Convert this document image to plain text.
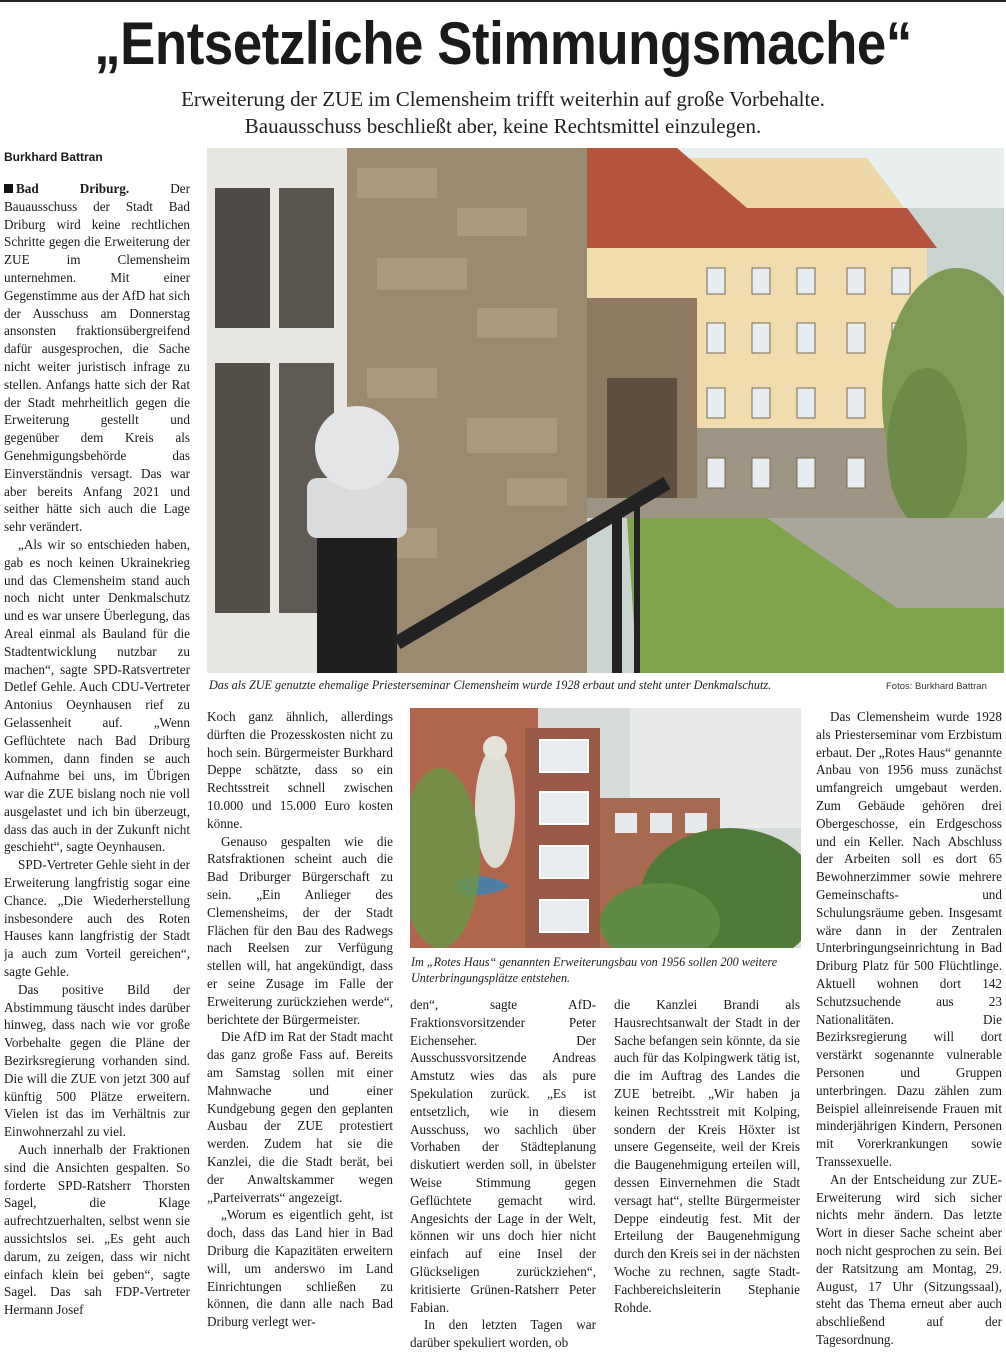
„Entsetzliche Stimmungsmache“
Erweiterung der ZUE im Clemensheim trifft weiterhin auf große Vorbehalte.
Bauausschuss beschließt aber, keine Rechtsmittel einzulegen.
Burkhard Battran

Bad Driburg.	Der Bauausschuss der Stadt Bad Driburg wird keine rechtlichen Schritte gegen die Erweiterung der ZUE im Clemensheim unternehmen. Mit einer Gegenstimme aus der AfD hat sich der Ausschuss am Donnerstag ansonsten fraktionsübergreifend dafür ausgesprochen, die Sache nicht weiter juristisch infrage zu stellen. Anfangs hatte sich der Rat der Stadt mehrheitlich gegen die Erweiterung gestellt und gegenüber dem Kreis als Genehmigungsbehörde das Einverständnis versagt. Das war aber bereits Anfang 2021 und seither hätte sich auch die Lage sehr verändert.

„Als wir so entschieden haben, gab es noch keinen Ukrainekrieg und das Clemensheim stand auch noch nicht unter Denkmalschutz und es war unsere Überlegung, das Areal einmal als Bauland für die Stadtentwicklung nutzbar zu machen“, sagte SPD-Ratsvertreter Detlef Gehle. Auch CDU-Vertreter Antonius Oeynhausen rief zu Gelassenheit auf. „Wenn Geflüchtete nach Bad Driburg kommen, dann finden se auch Aufnahme bei uns, im Übrigen war die ZUE bislang noch nie voll ausgelastet und ich bin überzeugt, dass das auch in der Zukunft nicht geschieht“, sagte Oeynhausen.

SPD-Vertreter Gehle sieht in der Erweiterung langfristig sogar eine Chance. „Die Wiederherstellung insbesondere auch des Roten Hauses kann langfristig der Stadt ja auch zum Vorteil gereichen“, sagte Gehle.

Das positive Bild der Abstimmung täuscht indes darüber hinweg, dass nach wie vor große Vorbehalte gegen die Pläne der Bezirksregierung vorhanden sind. Die will die ZUE von jetzt 300 auf künftig 500 Plätze erweitern. Vielen ist das im Verhältnis zur Einwohnerzahl zu viel.

Auch innerhalb der Fraktionen sind die Ansichten gespalten. So forderte SPD-Ratsherr Thorsten Sagel, die Klage aufrechtzuerhalten, selbst wenn sie aussichtslos sei. „Es geht auch darum, zu zeigen, dass wir nicht einfach klein bei geben“, sagte Sagel. Das sah FDP-Vertreter Hermann Josef

Das als ZUE genutzte ehemalige Priesterseminar Clemensheim wurde 1928 erbaut und steht unter Denkmalschutz.	Fotos: Burkhard Battran

Koch ganz ähnlich, allerdings dürften die Prozesskosten nicht zu hoch sein. Bürgermeister Burkhard Deppe schätzte, dass so ein Rechtsstreit schnell zwischen 10.000 und 15.000 Euro kosten könne.

Genauso gespalten wie die Ratsfraktionen scheint auch die Bad Driburger Bürgerschaft zu sein. „Ein Anlieger des Clemensheims, der der Stadt Flächen für den Bau des Radwegs nach Reelsen zur Verfügung stellen will, hat angekündigt, dass er seine Zusage im Falle der Erweiterung zurückziehen werde“, berichtete der Bürgermeister.

Die AfD im Rat der Stadt macht das ganz große Fass auf. Bereits am Samstag sollen mit einer Mahnwache und einer Kundgebung gegen den geplanten Ausbau der ZUE protestiert werden. Zudem hat sie die Kanzlei, die die Stadt berät, bei der Anwaltskammer wegen „Parteiverrats“ angezeigt.

„Worum es eigentlich geht, ist doch, dass das Land hier in Bad Driburg die Kapazitäten erweitern will, um anderswo im Land Einrichtungen schließen zu können, die dann alle nach Bad Driburg verlegt wer-

Im „Rotes Haus“ genannten Erweiterungsbau von 1956 sollen 200 weitere Unterbringungsplätze entstehen.

den“, sagte AfD-Fraktionsvorsitzender Peter Eichenseher. Der Ausschussvorsitzende Andreas Amstutz wies das als pure Spekulation zurück. „Es ist entsetzlich, wie in diesem Ausschuss, wo sachlich über Vorhaben der Städteplanung diskutiert werden soll, in übelster Weise Stimmung gegen Geflüchtete gemacht wird. Angesichts der Lage in der Welt, können wir uns doch hier nicht einfach auf eine Insel der Glückseligen zurückziehen“, kritisierte Grünen-Ratsherr Peter Fabian.

In den letzten Tagen war darüber spekuliert worden, ob

die Kanzlei Brandi als Hausrechtsanwalt der Stadt in der Sache befangen sein könnte, da sie auch für das Kolpingwerk tätig ist, die im Auftrag des Landes die ZUE betreibt. „Wir haben ja keinen Rechtsstreit mit Kolping, sondern der Kreis Höxter ist unsere Gegenseite, weil der Kreis die Baugenehmigung erteilen will, dessen Einvernehmen die Stadt versagt hat“, stellte Bürgermeister Deppe eindeutig fest. Mit der Erteilung der Baugenehmigung durch den Kreis sei in der nächsten Woche zu rechnen, sagte Stadt-Fachbereichsleiterin Stephanie Rohde.

Das Clemensheim wurde 1928 als Priesterseminar vom Erzbistum erbaut. Der „Rotes Haus“ genannte Anbau von 1956 muss zunächst umfangreich umgebaut werden. Zum Gebäude gehören drei Obergeschosse, ein Erdgeschoss und ein Keller. Nach Abschluss der Arbeiten soll es dort 65 Bewohnerzimmer sowie mehrere Gemeinschafts- und Schulungsräume geben. Insgesamt wäre dann in der Zentralen Unterbringungseinrichtung in Bad Driburg Platz für 500 Flüchtlinge. Aktuell wohnen dort 142 Schutzsuchende aus 23 Nationalitäten. Die Bezirksregierung will dort verstärkt sogenannte vulnerable Personen und Gruppen unterbringen. Dazu zählen zum Beispiel alleinreisende Frauen mit minderjährigen Kindern, Personen mit Vorerkrankungen sowie Transsexuelle.

An der Entscheidung zur ZUE-Erweiterung wird sich sicher nichts mehr ändern. Das letzte Wort in dieser Sache scheint aber noch nicht gesprochen zu sein. Bei der Ratsitzung am Montag, 29. August, 17 Uhr (Sitzungssaal), steht das Thema erneut aber auch abschließend auf der Tagesordnung.
